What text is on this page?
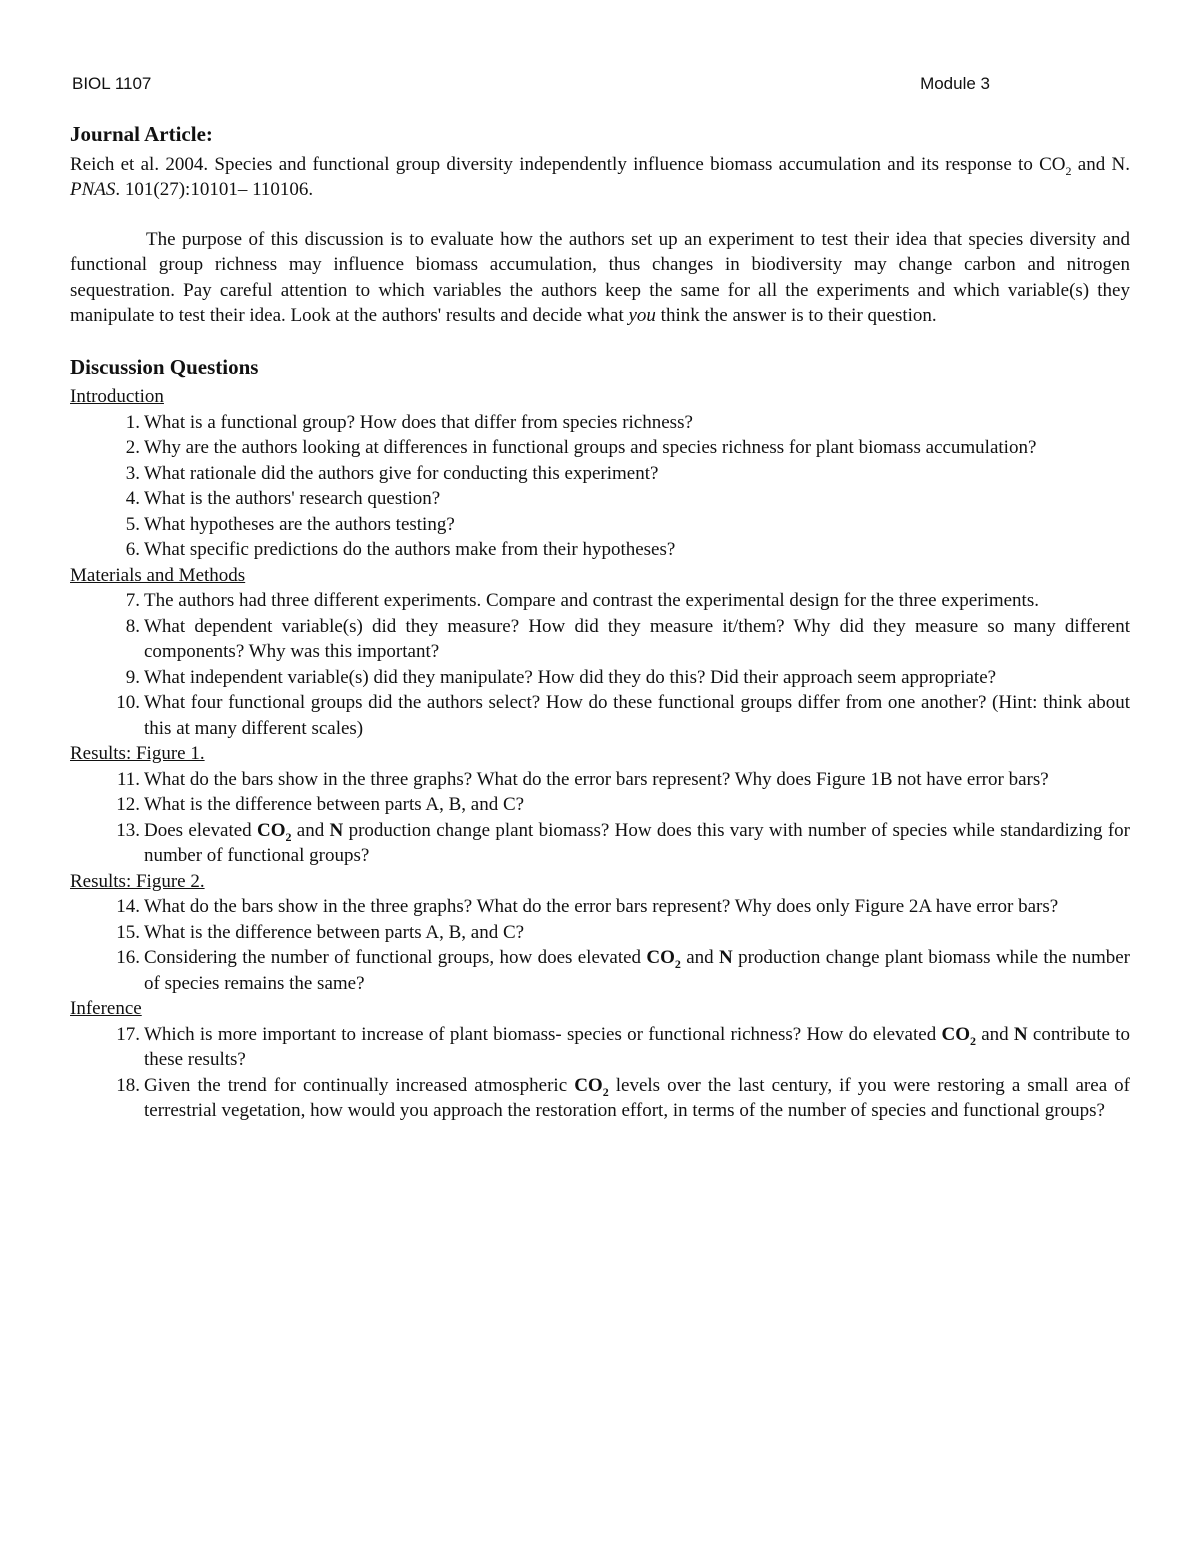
BIOL 1107	Module 3

Journal Article:

Reich et al. 2004. Species and functional group diversity independently influence biomass accumulation and its response to $CO_2$ and N. PNAS. 101(27):10101– 110106.

The purpose of this discussion is to evaluate how the authors set up an experiment to test their idea that species diversity and functional group richness may influence biomass accumulation, thus changes in biodiversity may change carbon and nitrogen sequestration. Pay careful attention to which variables the authors keep the same for all the experiments and which variable(s) they manipulate to test their idea. Look at the authors' results and decide what you think the answer is to their question.

Discussion Questions

Introduction

1. What is a functional group? How does that differ from species richness?
2. Why are the authors looking at differences in functional groups and species richness for plant biomass accumulation?
3. What rationale did the authors give for conducting this experiment?
4. What is the authors' research question?
5. What hypotheses are the authors testing?
6. What specific predictions do the authors make from their hypotheses?

Materials and Methods

7. The authors had three different experiments. Compare and contrast the experimental design for the three experiments.
8. What dependent variable(s) did they measure? How did they measure it/them? Why did they measure so many different components? Why was this important?
9. What independent variable(s) did they manipulate? How did they do this? Did their approach seem appropriate?
10. What four functional groups did the authors select? How do these functional groups differ from one another? (Hint: think about this at many different scales)

Results: Figure 1.

11. What do the bars show in the three graphs? What do the error bars represent? Why does Figure 1B not have error bars?
12. What is the difference between parts A, B, and C?
13. Does elevated $CO_2$ and N production change plant biomass? How does this vary with number of species while standardizing for number of functional groups?

Results: Figure 2.

14. What do the bars show in the three graphs? What do the error bars represent? Why does only Figure 2A have error bars?
15. What is the difference between parts A, B, and C?
16. Considering the number of functional groups, how does elevated $CO_2$ and N production change plant biomass while the number of species remains the same?

Inference

17. Which is more important to increase of plant biomass- species or functional richness? How do elevated $CO_2$ and N contribute to these results?
18. Given the trend for continually increased atmospheric $CO_2$ levels over the last century, if you were restoring a small area of terrestrial vegetation, how would you approach the restoration effort, in terms of the number of species and functional groups?
